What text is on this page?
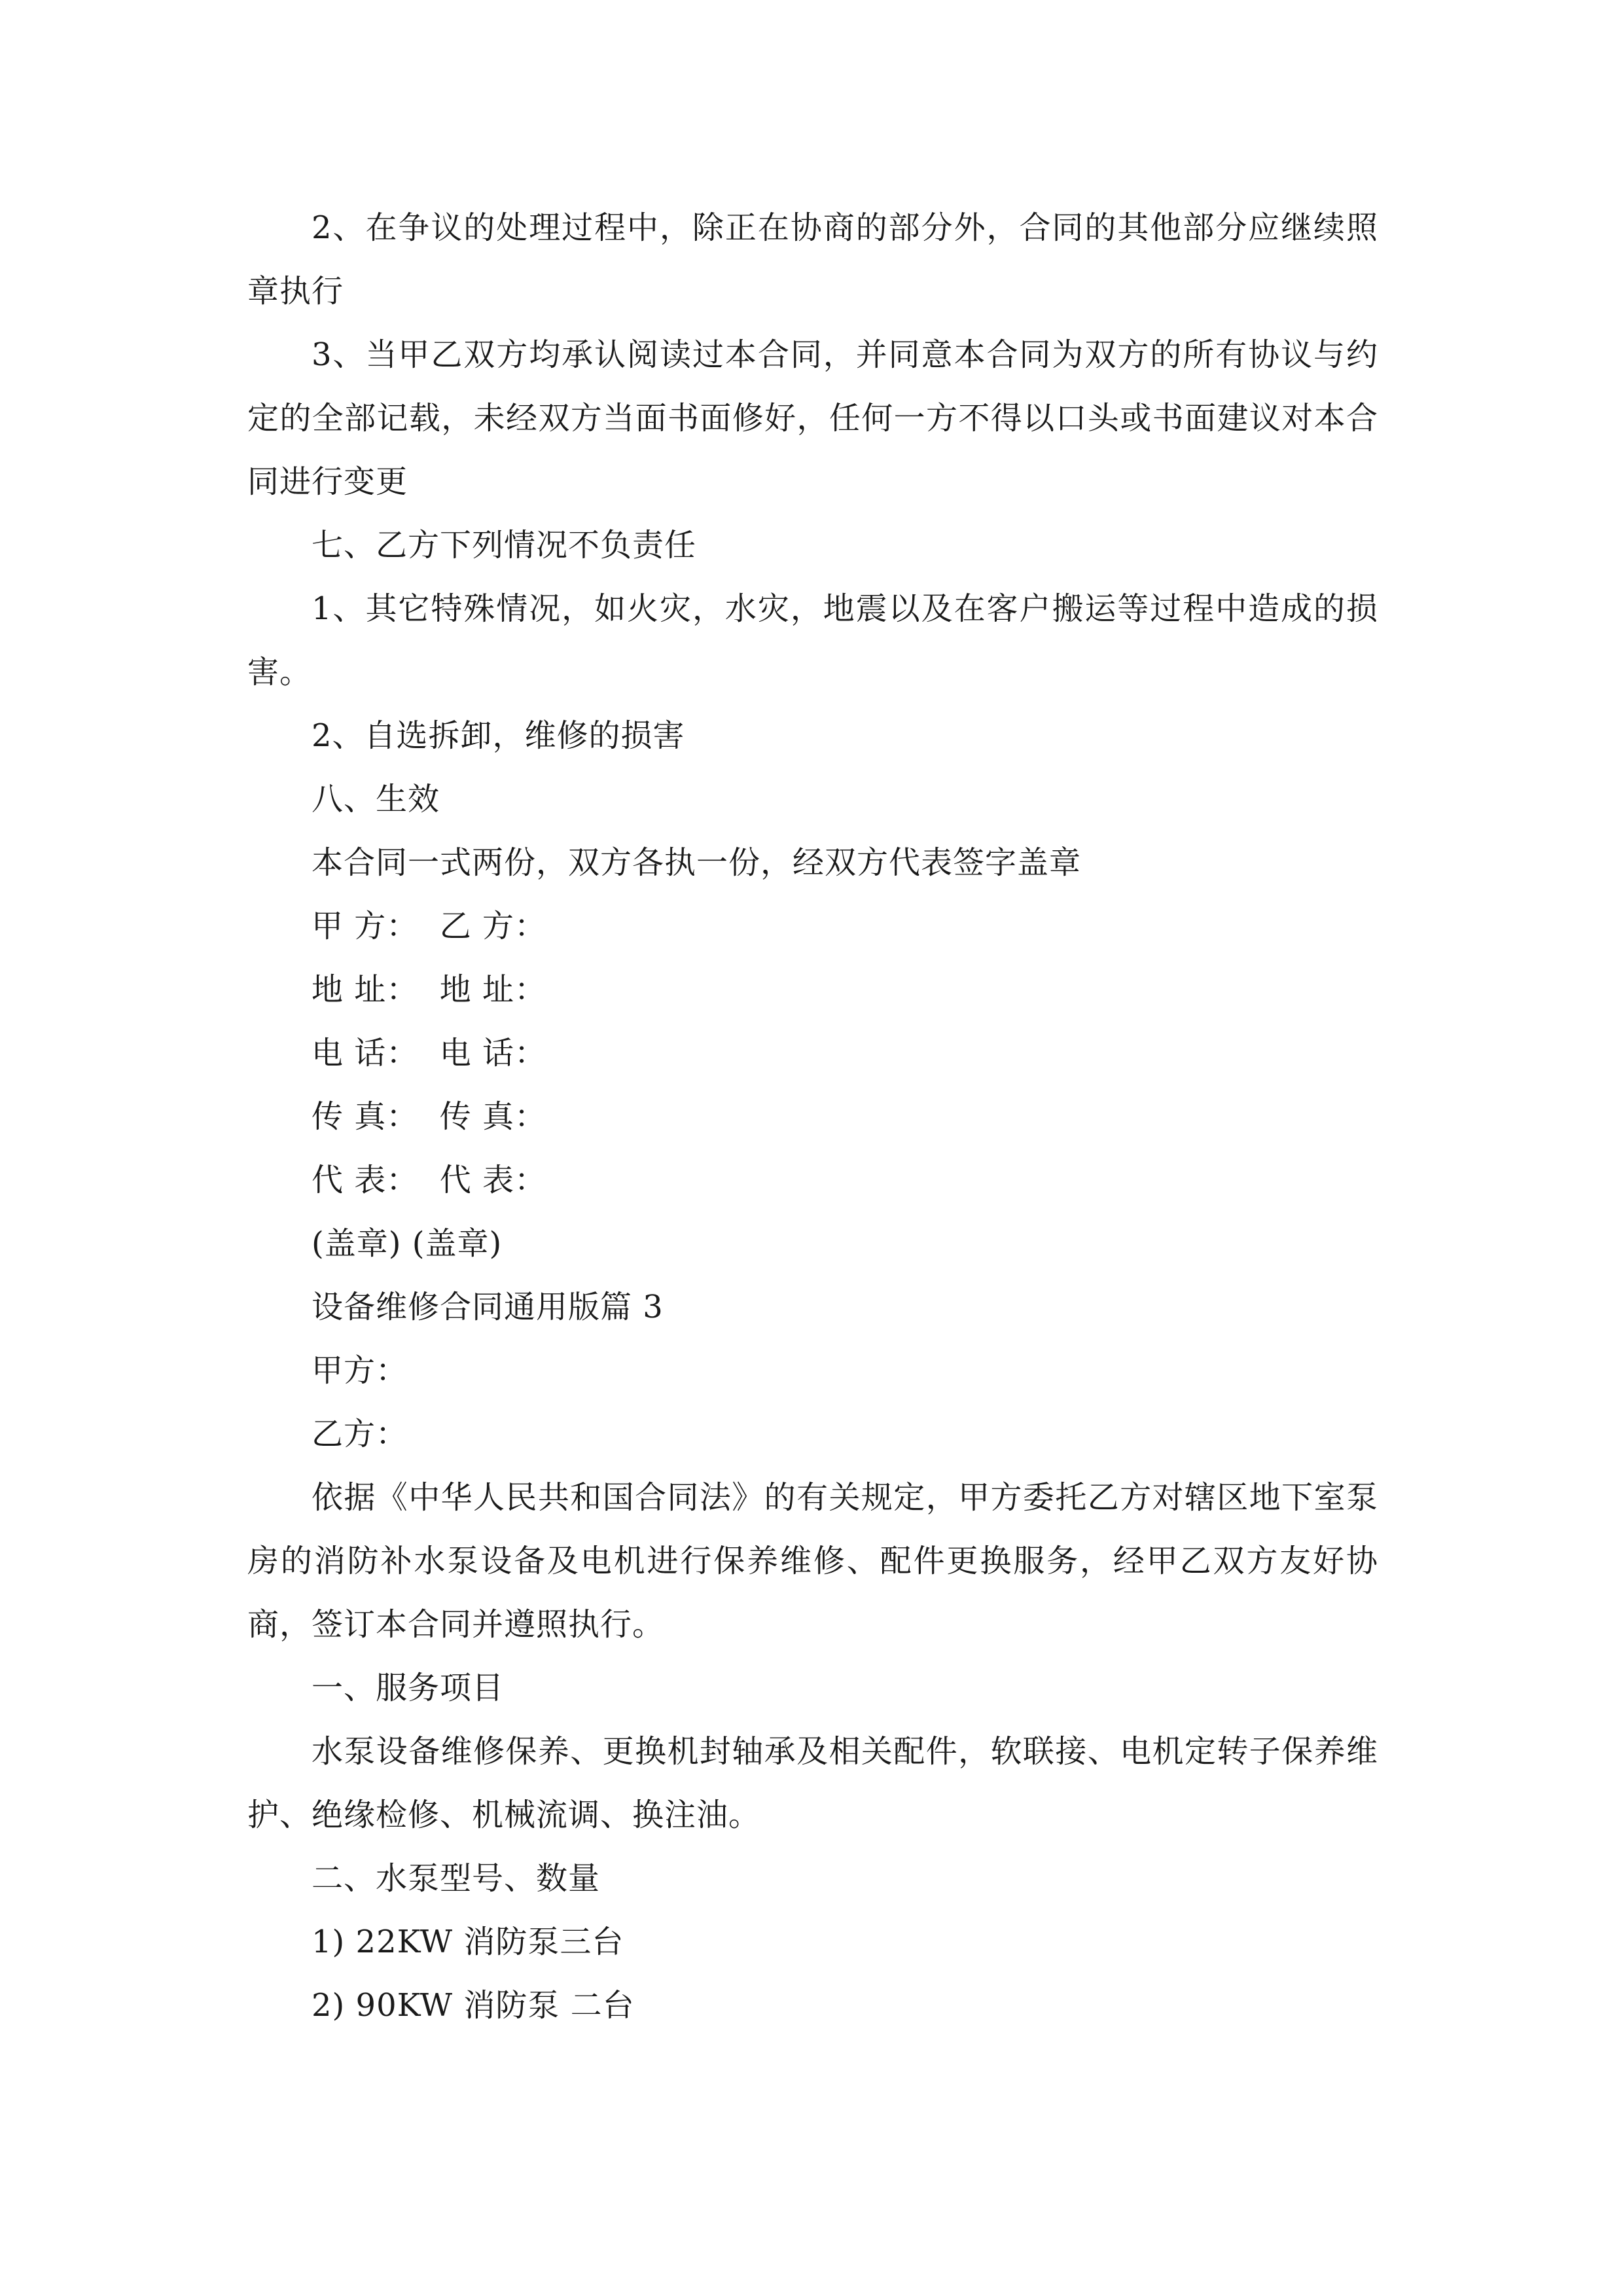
2、在争议的处理过程中，除正在协商的部分外，合同的其他部分应继续照章执行

3、当甲乙双方均承认阅读过本合同，并同意本合同为双方的所有协议与约定的全部记载，未经双方当面书面修好，任何一方不得以口头或书面建议对本合同进行变更

七、乙方下列情况不负责任

1、其它特殊情况，如火灾，水灾，地震以及在客户搬运等过程中造成的损害。

2、自选拆卸，维修的损害

八、生效

本合同一式两份，双方各执一份，经双方代表签字盖章

甲 方：  乙 方：

地 址：  地 址：

电 话：  电 话：

传 真：  传 真：

代 表：  代 表：

(盖章) (盖章)

设备维修合同通用版篇 3

甲方：

乙方：

依据《中华人民共和国合同法》的有关规定，甲方委托乙方对辖区地下室泵房的消防补水泵设备及电机进行保养维修、配件更换服务，经甲乙双方友好协商，签订本合同并遵照执行。

一、服务项目

水泵设备维修保养、更换机封轴承及相关配件，软联接、电机定转子保养维护、绝缘检修、机械流调、换注油。

二、水泵型号、数量

1) 22KW 消防泵三台

2) 90KW 消防泵 二台
